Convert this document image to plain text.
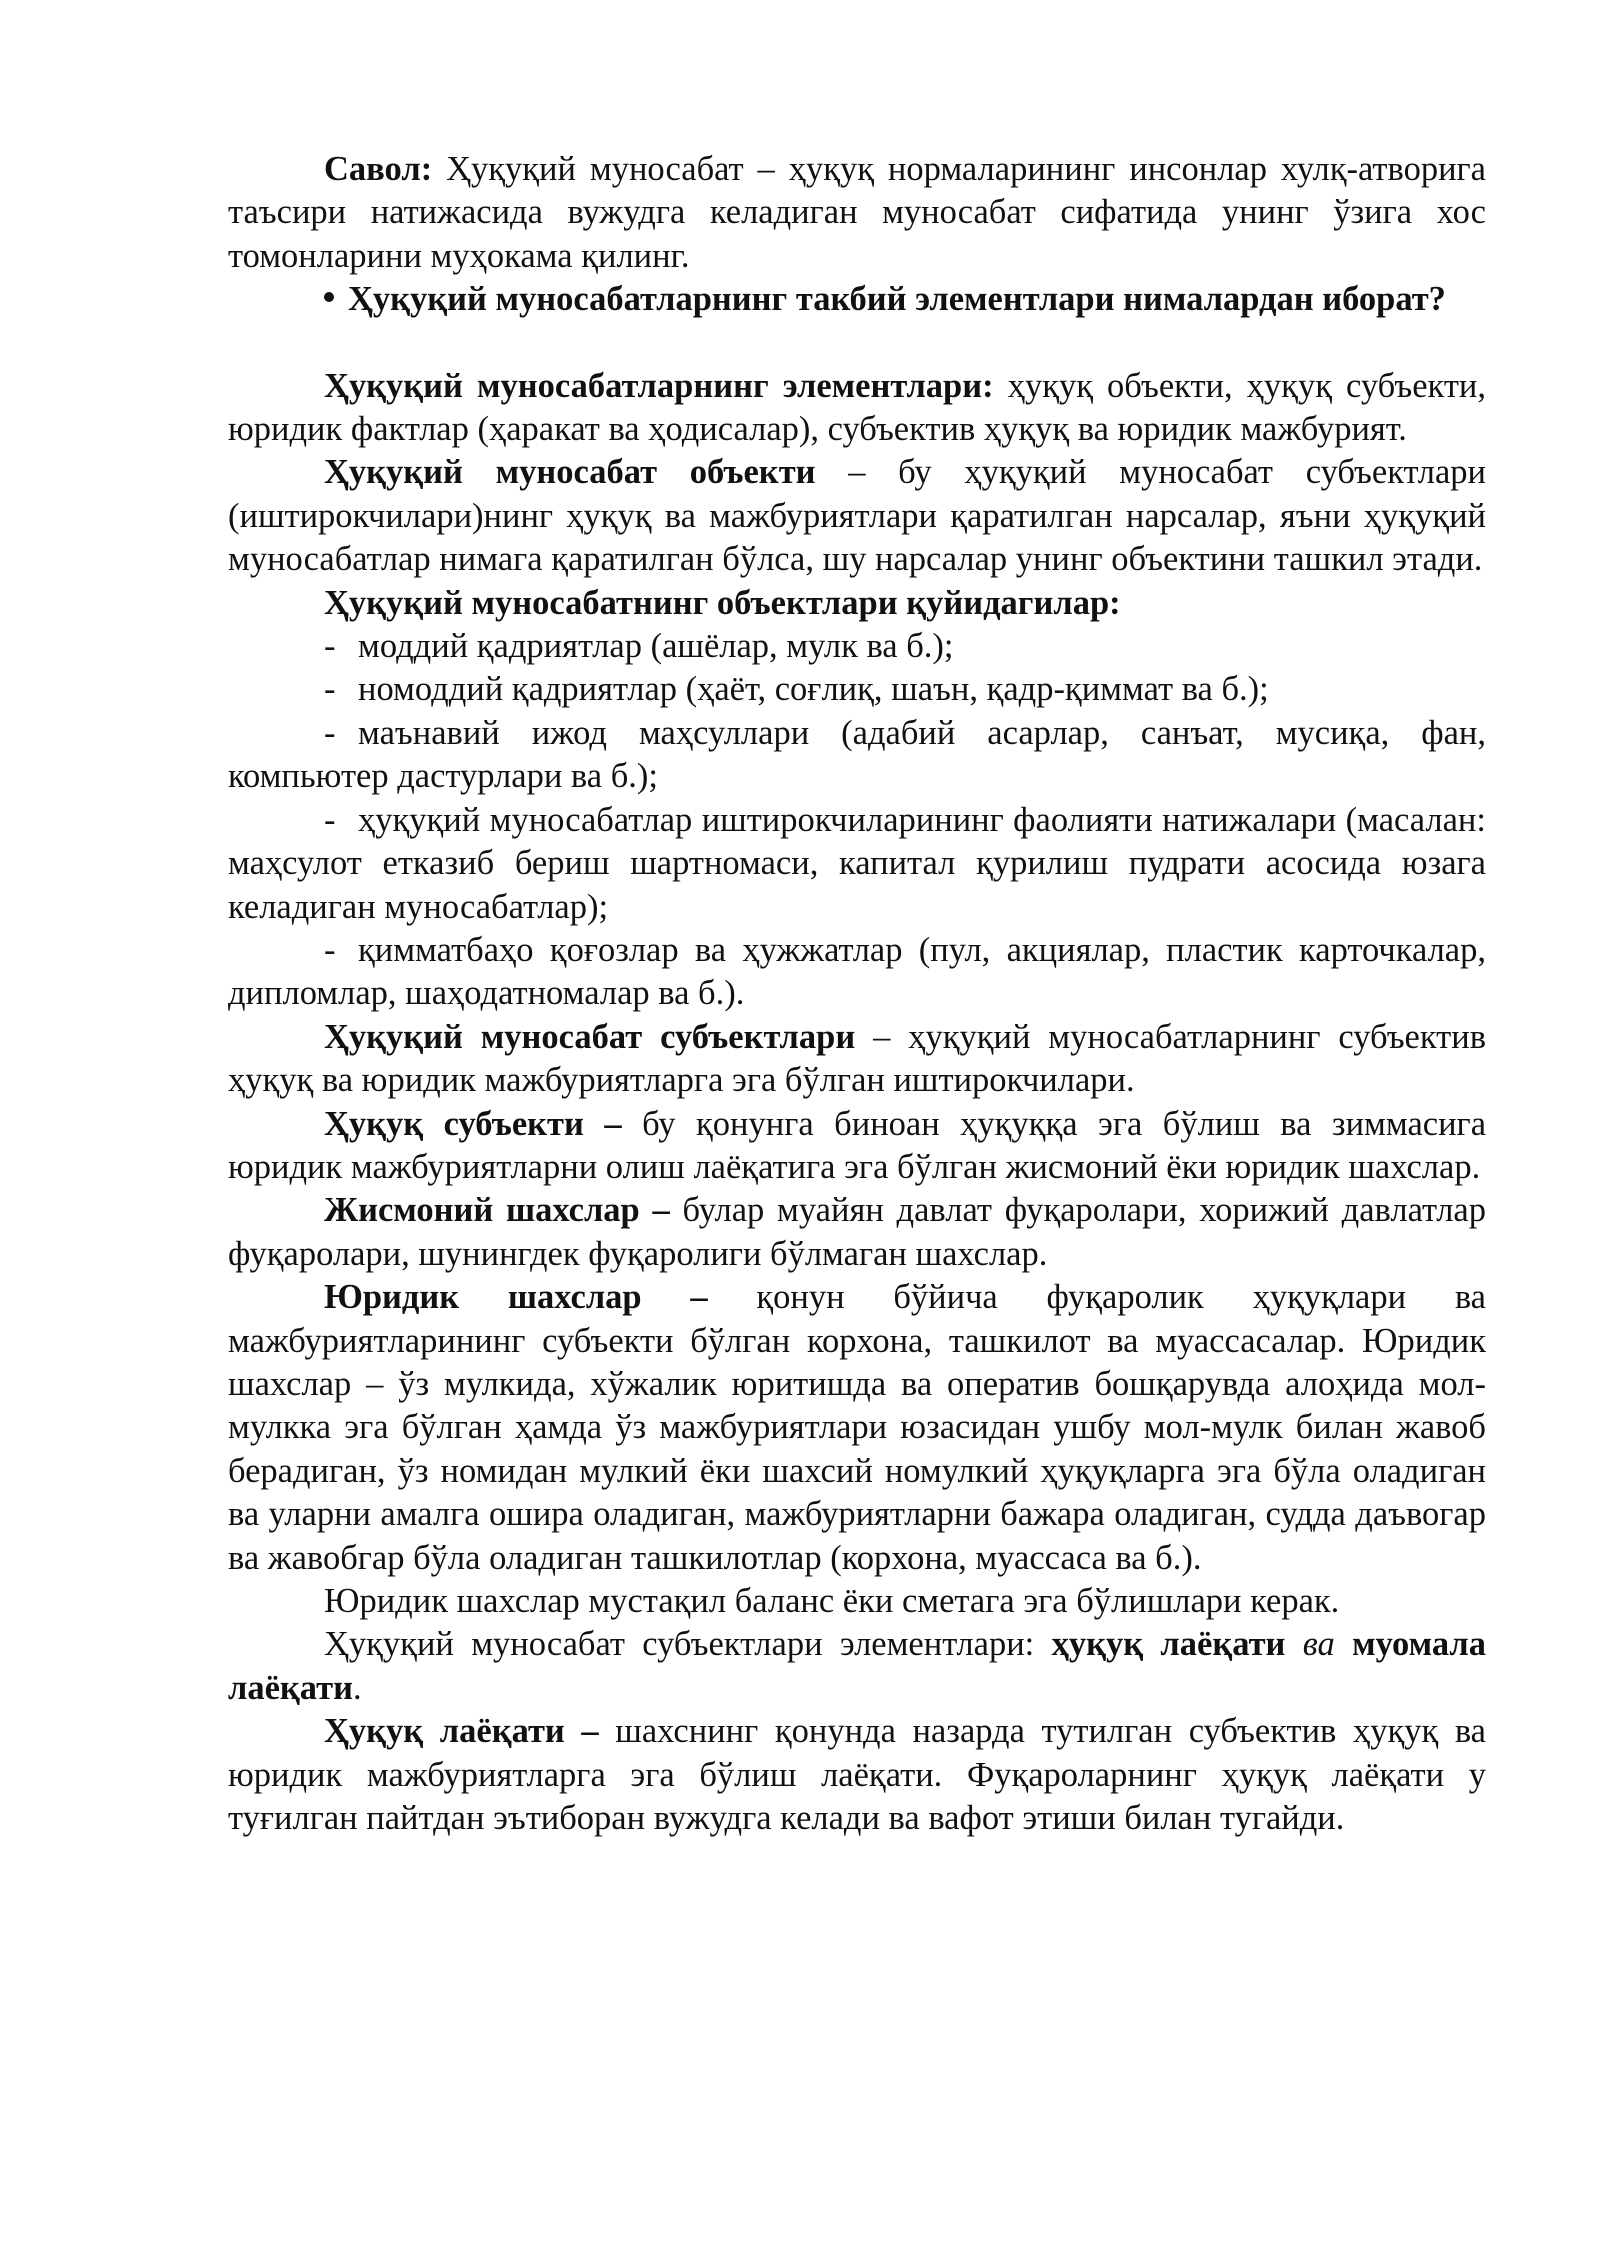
Савол: Ҳуқуқий муносабат – ҳуқуқ нормаларининг инсонлар хулқ-атворига таъсири натижасида вужудга келадиган муносабат сифатида унинг ўзига хос томонларини муҳокама қилинг.

Ҳуқуқий муносабатларнинг такбий элементлари нималардан иборат?

Ҳуқуқий муносабатларнинг элементлари: ҳуқуқ объекти, ҳуқуқ субъекти, юридик фактлар (ҳаракат ва ҳодисалар), субъектив ҳуқуқ ва юридик мажбурият.

Ҳуқуқий муносабат объекти – бу ҳуқуқий муносабат субъектлари (иштирокчилари)нинг ҳуқуқ ва мажбуриятлари қаратилган нарсалар, яъни ҳуқуқий муносабатлар нимага қаратилган бўлса, шу нарсалар унинг объектини ташкил этади.

Ҳуқуқий муносабатнинг объектлари қуйидагилар:

- моддий қадриятлар (ашёлар, мулк ва б.);

- номоддий қадриятлар (ҳаёт, соғлиқ, шаън, қадр-қиммат ва б.);

- маънавий ижод маҳсуллари (адабий асарлар, санъат, мусиқа, фан, компьютер дастурлари ва б.);

- ҳуқуқий муносабатлар иштирокчиларининг фаолияти натижалари (масалан: маҳсулот етказиб бериш шартномаси, капитал қурилиш пудрати асосида юзага келадиган муносабатлар);

- қимматбаҳо қоғозлар ва ҳужжатлар (пул, акциялар, пластик карточкалар, дипломлар, шаҳодатномалар ва б.).

Ҳуқуқий муносабат субъектлари – ҳуқуқий муносабатларнинг субъектив ҳуқуқ ва юридик мажбуриятларга эга бўлган иштирокчилари.

Ҳуқуқ субъекти – бу қонунга биноан ҳуқуққа эга бўлиш ва зиммасига юридик мажбуриятларни олиш лаёқатига эга бўлган жисмоний ёки юридик шахслар.

Жисмоний шахслар – булар муайян давлат фуқаролари, хорижий давлатлар фуқаролари, шунингдек фуқаролиги бўлмаган шахслар.

Юридик шахслар – қонун бўйича фуқаролик ҳуқуқлари ва мажбуриятларининг субъекти бўлган корхона, ташкилот ва муассасалар. Юридик шахслар – ўз мулкида, хўжалик юритишда ва оператив бошқарувда алоҳида мол-мулкка эга бўлган ҳамда ўз мажбуриятлари юзасидан ушбу мол-мулк билан жавоб берадиган, ўз номидан мулкий ёки шахсий номулкий ҳуқуқларга эга бўла оладиган ва уларни амалга ошира оладиган, мажбуриятларни бажара оладиган, судда даъвогар ва жавобгар бўла оладиган ташкилотлар (корхона, муассаса ва б.).

Юридик шахслар мустақил баланс ёки сметага эга бўлишлари керак.

Ҳуқуқий муносабат субъектлари элементлари: ҳуқуқ лаёқати ва муомала лаёқати.

Ҳуқуқ лаёқати – шахснинг қонунда назарда тутилган субъектив ҳуқуқ ва юридик мажбуриятларга эга бўлиш лаёқати. Фуқароларнинг ҳуқуқ лаёқати у туғилган пайтдан эътиборан вужудга келади ва вафот этиши билан тугайди.
